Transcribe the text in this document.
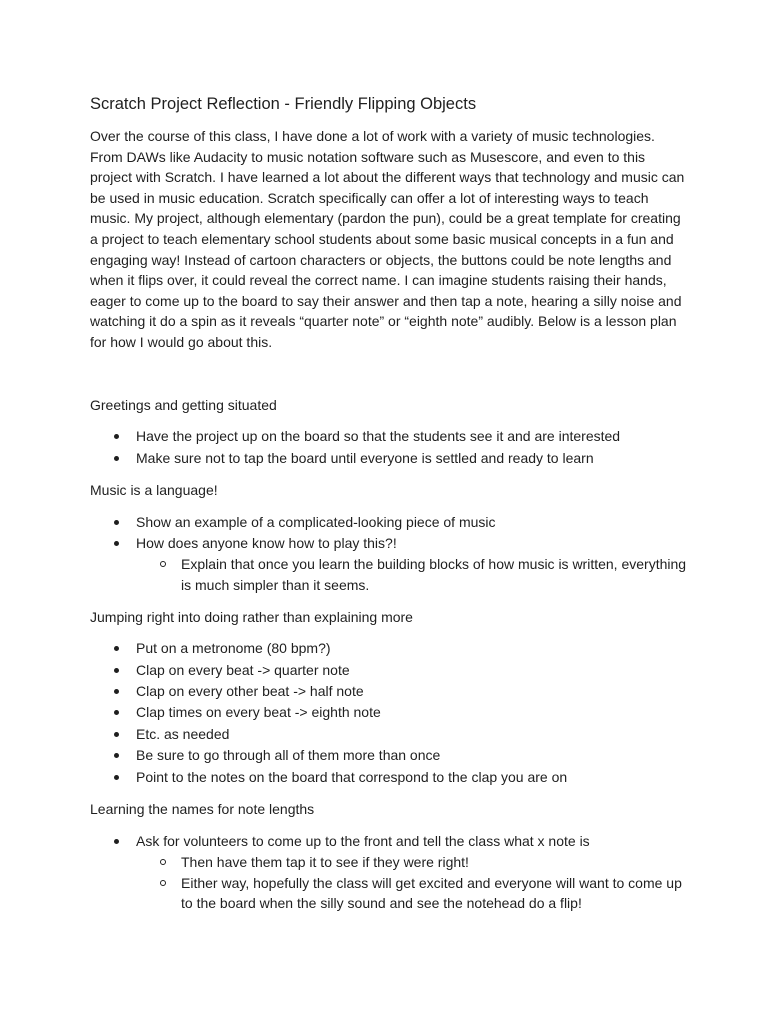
Scratch Project Reflection - Friendly Flipping Objects

Over the course of this class, I have done a lot of work with a variety of music technologies. From DAWs like Audacity to music notation software such as Musescore, and even to this project with Scratch. I have learned a lot about the different ways that technology and music can be used in music education. Scratch specifically can offer a lot of interesting ways to teach music. My project, although elementary (pardon the pun), could be a great template for creating a project to teach elementary school students about some basic musical concepts in a fun and engaging way! Instead of cartoon characters or objects, the buttons could be note lengths and when it flips over, it could reveal the correct name. I can imagine students raising their hands, eager to come up to the board to say their answer and then tap a note, hearing a silly noise and watching it do a spin as it reveals “quarter note” or “eighth note” audibly. Below is a lesson plan for how I would go about this.

Greetings and getting situated

Have the project up on the board so that the students see it and are interested
Make sure not to tap the board until everyone is settled and ready to learn

Music is a language!

Show an example of a complicated-looking piece of music
How does anyone know how to play this?!
Explain that once you learn the building blocks of how music is written, everything is much simpler than it seems.

Jumping right into doing rather than explaining more

Put on a metronome (80 bpm?)
Clap on every beat -> quarter note
Clap on every other beat -> half note
Clap times on every beat -> eighth note
Etc. as needed
Be sure to go through all of them more than once
Point to the notes on the board that correspond to the clap you are on

Learning the names for note lengths

Ask for volunteers to come up to the front and tell the class what x note is
Then have them tap it to see if they were right!
Either way, hopefully the class will get excited and everyone will want to come up to the board when the silly sound and see the notehead do a flip!
